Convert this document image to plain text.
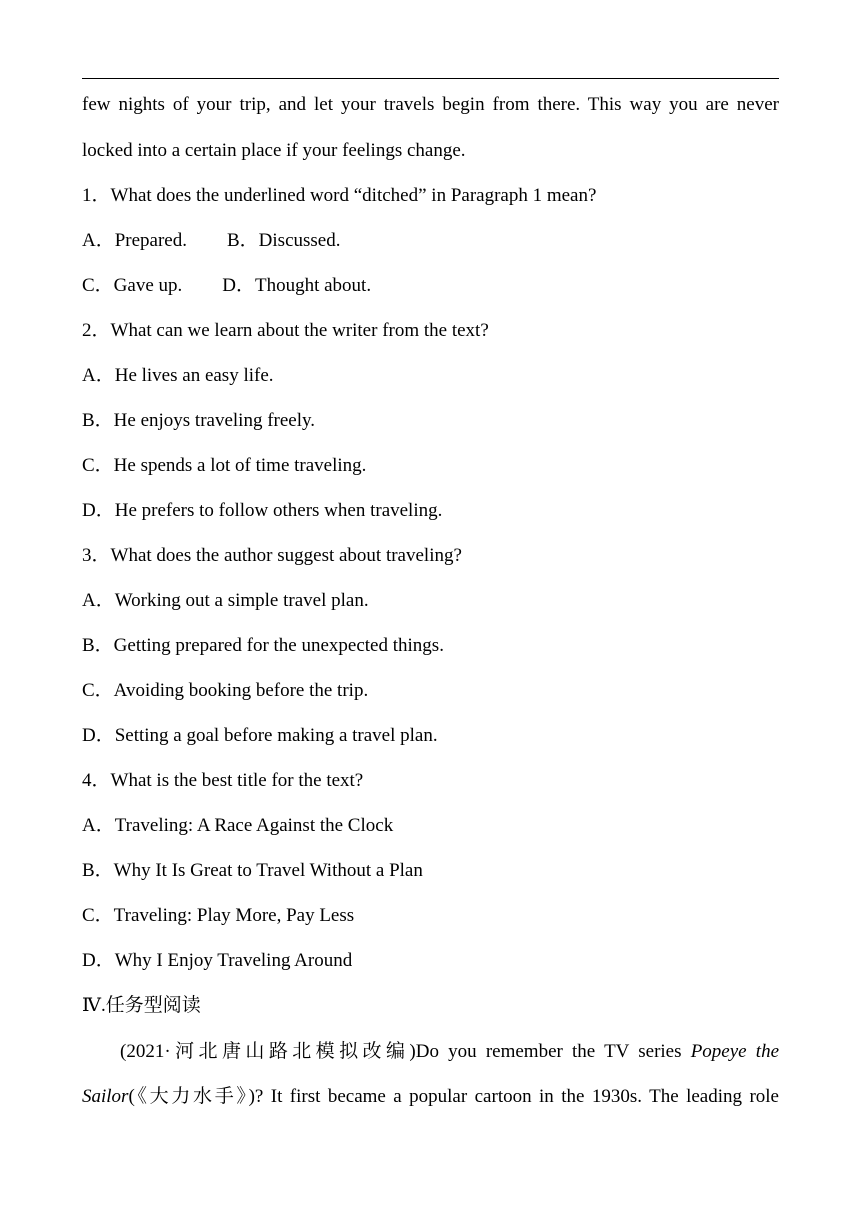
few nights of your trip, and let your travels begin from there. This way you are never
locked into a certain place if your feelings change.
1．What does the underlined word “ditched” in Paragraph 1 mean?
A．Prepared. B．Discussed.
C．Gave up. D．Thought about.
2．What can we learn about the writer from the text?
A．He lives an easy life.
B．He enjoys traveling freely.
C．He spends a lot of time traveling.
D．He prefers to follow others when traveling.
3．What does the author suggest about traveling?
A．Working out a simple travel plan.
B．Getting prepared for the unexpected things.
C．Avoiding booking before the trip.
D．Setting a goal before making a travel plan.
4．What is the best title for the text?
A．Traveling: A Race Against the Clock
B．Why It Is Great to Travel Without a Plan
C．Traveling: Play More, Pay Less
D．Why I Enjoy Traveling Around
Ⅳ.任务型阅读
(2021·河北唐山路北模拟改编)Do you remember the TV series Popeye the
Sailor(《大力水手》)? It first became a popular cartoon in the 1930s. The leading role
